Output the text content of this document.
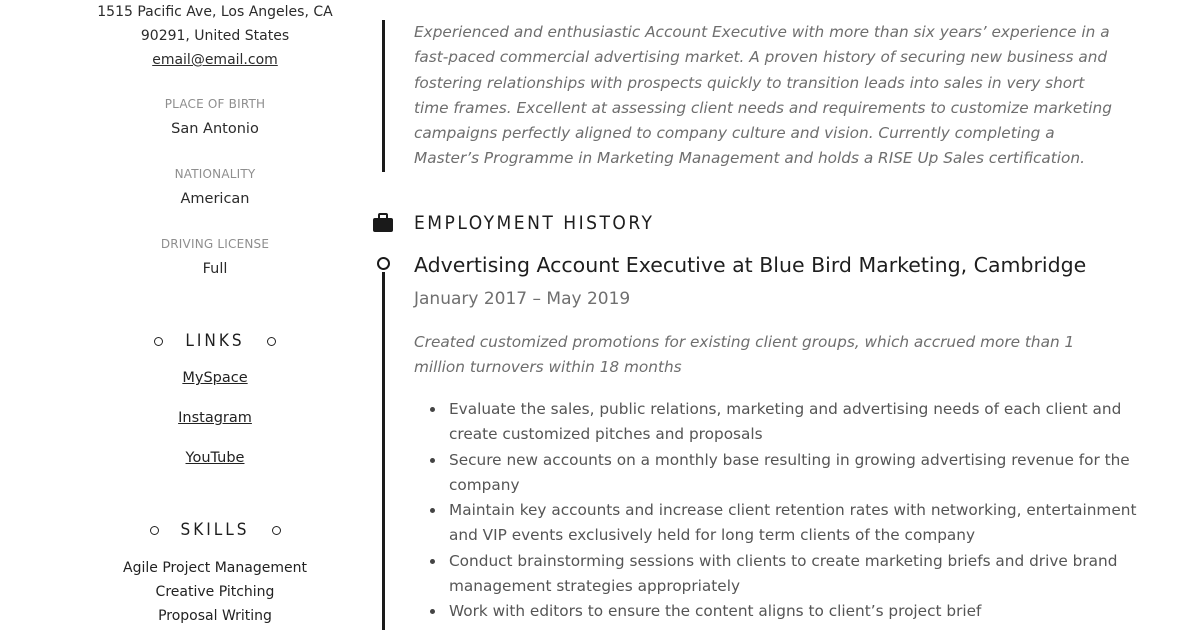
1515 Pacific Ave, Los Angeles, CA
90291, United States
email@email.com
PLACE OF BIRTH
San Antonio
NATIONALITY
American
DRIVING LICENSE
Full
LINKS
MySpace
Instagram
YouTube
SKILLS
Agile Project Management
Creative Pitching
Proposal Writing

Experienced and enthusiastic Account Executive with more than six years’ experience in a fast-paced commercial advertising market. A proven history of securing new business and fostering relationships with prospects quickly to transition leads into sales in very short time frames. Excellent at assessing client needs and requirements to customize marketing campaigns perfectly aligned to company culture and vision. Currently completing a Master’s Programme in Marketing Management and holds a RISE Up Sales certification.

EMPLOYMENT HISTORY
Advertising Account Executive at Blue Bird Marketing, Cambridge
January 2017 – May 2019

Created customized promotions for existing client groups, which accrued more than 1 million turnovers within 18 months

Evaluate the sales, public relations, marketing and advertising needs of each client and create customized pitches and proposals
Secure new accounts on a monthly base resulting in growing advertising revenue for the company
Maintain key accounts and increase client retention rates with networking, entertainment and VIP events exclusively held for long term clients of the company
Conduct brainstorming sessions with clients to create marketing briefs and drive brand management strategies appropriately
Work with editors to ensure the content aligns to client’s project brief
